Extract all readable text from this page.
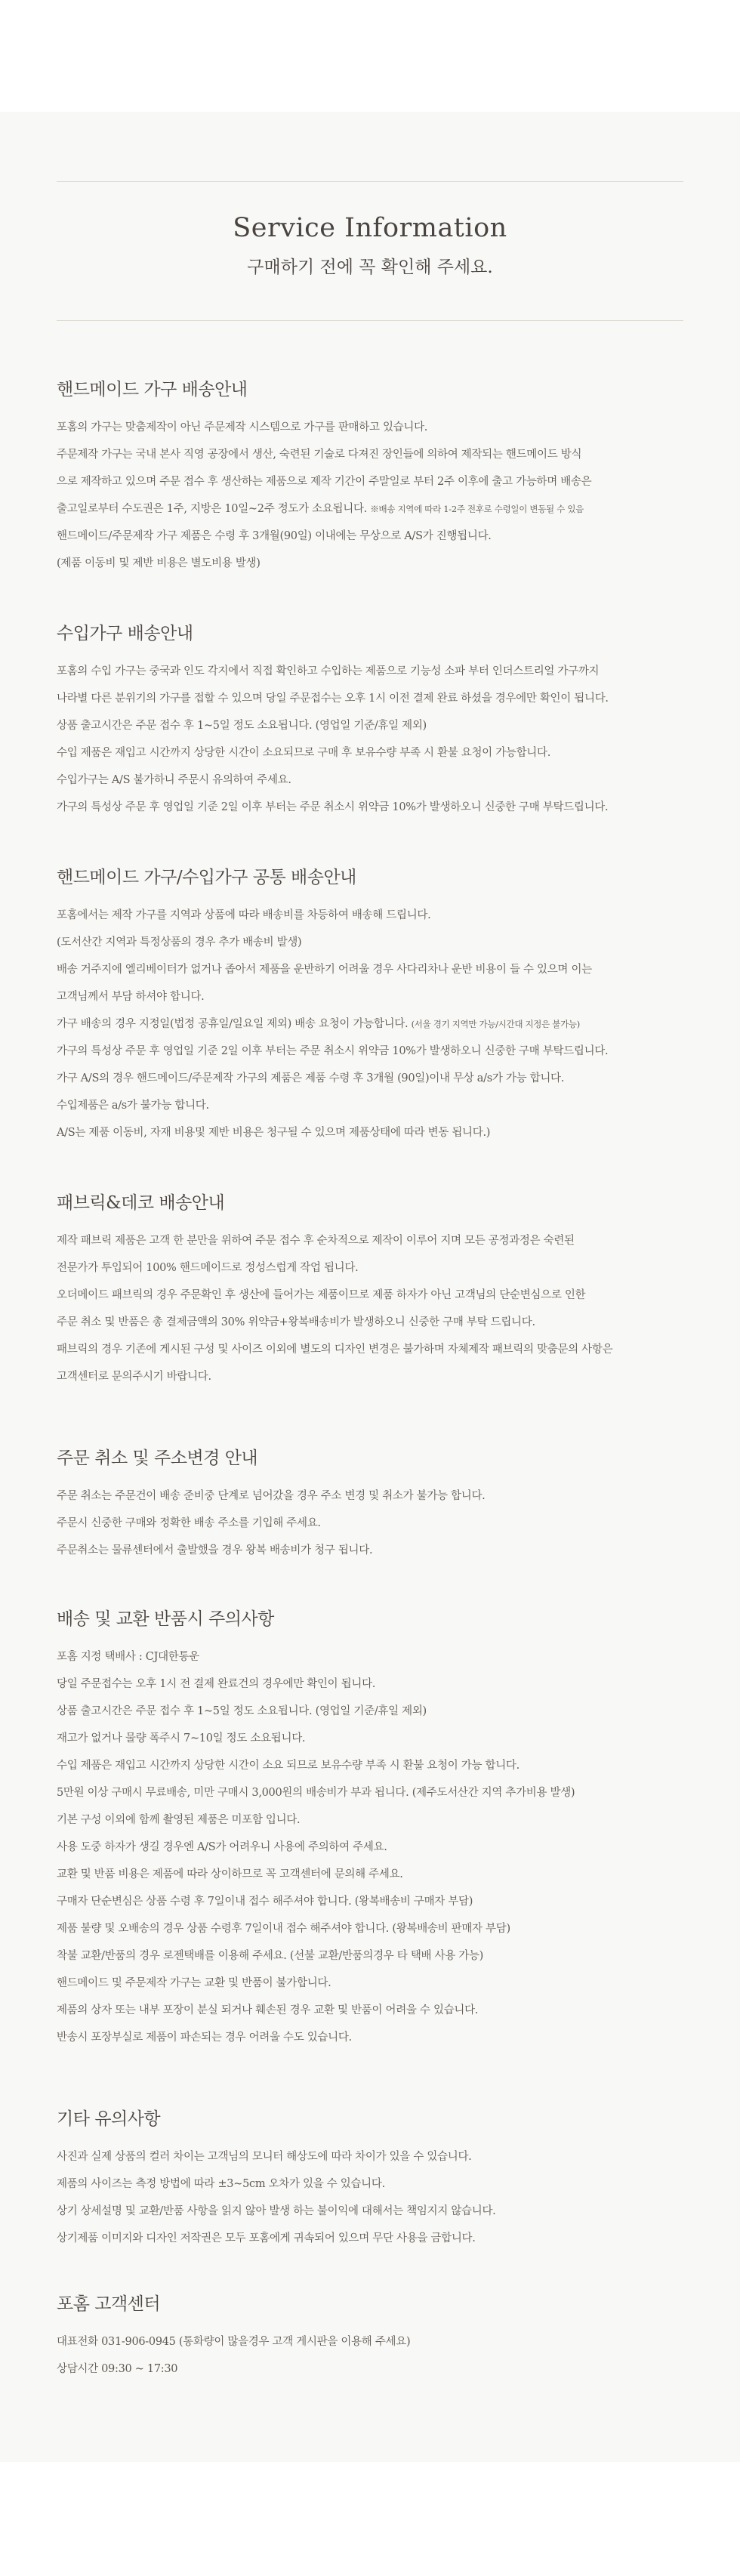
Service Information
구매하기 전에 꼭 확인해 주세요.
핸드메이드 가구 배송안내
포홈의 가구는 맞춤제작이 아닌 주문제작 시스템으로 가구를 판매하고 있습니다.
주문제작 가구는 국내 본사 직영 공장에서 생산, 숙련된 기술로 다져진 장인들에 의하여 제작되는 핸드메이드 방식
으로 제작하고 있으며 주문 접수 후 생산하는 제품으로 제작 기간이 주말일로 부터 2주 이후에 출고 가능하며 배송은
출고일로부터 수도권은 1주, 지방은 10일~2주 정도가 소요됩니다. ※배송 지역에 따라 1-2주 전후로 수령일이 변동될 수 있음
핸드메이드/주문제작 가구 제품은 수령 후 3개월(90일) 이내에는 무상으로 A/S가 진행됩니다.
(제품 이동비 및 제반 비용은 별도비용 발생)
수입가구 배송안내
포홈의 수입 가구는 중국과 인도 각지에서 직접 확인하고 수입하는 제품으로 기능성 소파 부터 인더스트리얼 가구까지
나라별 다른 분위기의 가구를 접할 수 있으며 당일 주문접수는 오후 1시 이전 결제 완료 하셨을 경우에만 확인이 됩니다.
상품 출고시간은 주문 접수 후 1~5일 정도 소요됩니다. (영업일 기준/휴일 제외)
수입 제품은 재입고 시간까지 상당한 시간이 소요되므로 구매 후 보유수량 부족 시 환불 요청이 가능합니다.
수입가구는 A/S 불가하니 주문시 유의하여 주세요.
가구의 특성상 주문 후 영업일 기준 2일 이후 부터는 주문 취소시 위약금 10%가 발생하오니 신중한 구매 부탁드립니다.
핸드메이드 가구/수입가구 공통 배송안내
포홈에서는 제작 가구를 지역과 상품에 따라 배송비를 차등하여 배송해 드립니다.
(도서산간 지역과 특정상품의 경우 추가 배송비 발생)
배송 거주지에 엘리베이터가 없거나 좁아서 제품을 운반하기 어려울 경우 사다리차나 운반 비용이 들 수 있으며 이는
고객님께서 부담 하셔야 합니다.
가구 배송의 경우 지정일(법정 공휴일/일요일 제외) 배송 요청이 가능합니다. (서울 경기 지역만 가능/시간대 지정은 불가능)
가구의 특성상 주문 후 영업일 기준 2일 이후 부터는 주문 취소시 위약금 10%가 발생하오니 신중한 구매 부탁드립니다.
가구 A/S의 경우 핸드메이드/주문제작 가구의 제품은 제품 수령 후 3개월 (90일)이내 무상 a/s가 가능 합니다.
수입제품은 a/s가 불가능 합니다.
A/S는 제품 이동비, 자재 비용및 제반 비용은 청구될 수 있으며 제품상태에 따라 변동 됩니다.)
패브릭&데코 배송안내
제작 패브릭 제품은 고객 한 분만을 위하여 주문 접수 후 순차적으로 제작이 이루어 지며 모든 공정과정은 숙련된
전문가가 투입되어 100% 핸드메이드로 정성스럽게 작업 됩니다.
오더메이드 패브릭의 경우 주문확인 후 생산에 들어가는 제품이므로 제품 하자가 아닌 고객님의 단순변심으로 인한
주문 취소 및 반품은 총 결제금액의 30% 위약금+왕복배송비가 발생하오니 신중한 구매 부탁 드립니다.
패브릭의 경우 기존에 게시된 구성 및 사이즈 이외에 별도의 디자인 변경은 불가하며 자체제작 패브릭의 맞춤문의 사항은
고객센터로 문의주시기 바랍니다.
주문 취소 및 주소변경 안내
주문 취소는 주문건이 배송 준비중 단계로 넘어갔을 경우 주소 변경 및 취소가 불가능 합니다.
주문시 신중한 구매와 정확한 배송 주소를 기입해 주세요.
주문취소는 물류센터에서 출발했을 경우 왕복 배송비가 청구 됩니다.
배송 및 교환 반품시 주의사항
포홈 지정 택배사 : CJ대한통운
당일 주문접수는 오후 1시 전 결제 완료건의 경우에만 확인이 됩니다.
상품 출고시간은 주문 접수 후 1~5일 정도 소요됩니다. (영업일 기준/휴일 제외)
재고가 없거나 물량 폭주시 7~10일 정도 소요됩니다.
수입 제품은 재입고 시간까지 상당한 시간이 소요 되므로 보유수량 부족 시 환불 요청이 가능 합니다.
5만원 이상 구매시 무료배송, 미만 구매시 3,000원의 배송비가 부과 됩니다. (제주도서산간 지역 추가비용 발생)
기본 구성 이외에 함께 촬영된 제품은 미포함 입니다.
사용 도중 하자가 생길 경우엔 A/S가 어려우니 사용에 주의하여 주세요.
교환 및 반품 비용은 제품에 따라 상이하므로 꼭 고객센터에 문의해 주세요.
구매자 단순변심은 상품 수령 후 7일이내 접수 해주셔야 합니다. (왕복배송비 구매자 부담)
제품 불량 및 오배송의 경우 상품 수령후 7일이내 접수 해주셔야 합니다. (왕복배송비 판매자 부담)
착불 교환/반품의 경우 로젠택배를 이용해 주세요. (선불 교환/반품의경우 타 택배 사용 가능)
핸드메이드 및 주문제작 가구는 교환 및 반품이 불가합니다.
제품의 상자 또는 내부 포장이 분실 되거나 훼손된 경우 교환 및 반품이 어려울 수 있습니다.
반송시 포장부실로 제품이 파손되는 경우 어려울 수도 있습니다.
기타 유의사항
사진과 실제 상품의 컬러 차이는 고객님의 모니터 해상도에 따라 차이가 있을 수 있습니다.
제품의 사이즈는 측정 방법에 따라 ±3~5cm 오차가 있을 수 있습니다.
상기 상세설명 및 교환/반품 사항을 읽지 않아 발생 하는 불이익에 대해서는 책임지지 않습니다.
상기제품 이미지와 디자인 저작권은 모두 포홈에게 귀속되어 있으며 무단 사용을 금합니다.
포홈 고객센터
대표전화 031-906-0945 (통화량이 많을경우 고객 게시판을 이용해 주세요)
상담시간 09:30 ~ 17:30
